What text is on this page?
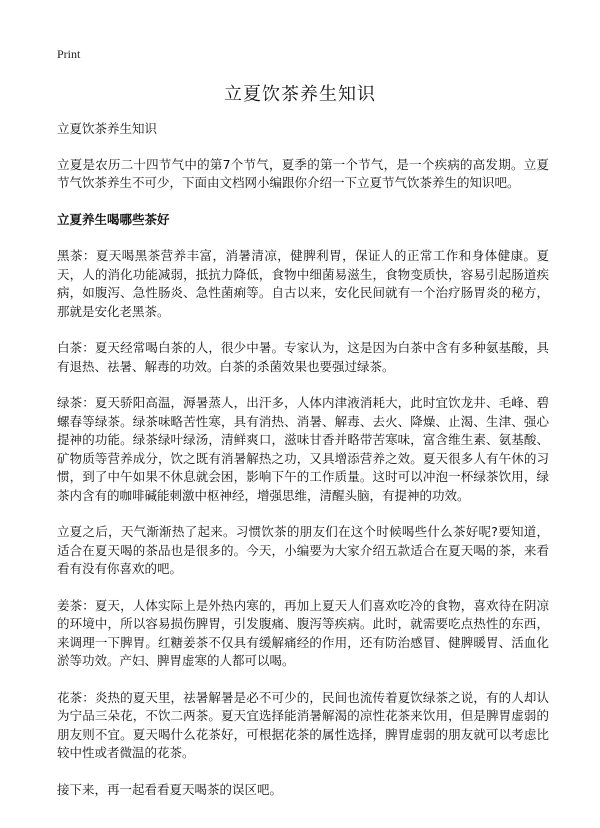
Print
立夏饮茶养生知识

立夏饮茶养生知识

立夏是农历二十四节气中的第7个节气，夏季的第一个节气，是一个疾病的高发期。立夏节气饮茶养生不可少，下面由文档网小编跟你介绍一下立夏节气饮茶养生的知识吧。

立夏养生喝哪些茶好

黑茶：夏天喝黑茶营养丰富，消暑清凉，健脾利胃，保证人的正常工作和身体健康。夏天，人的消化功能减弱，抵抗力降低，食物中细菌易滋生，食物变质快，容易引起肠道疾病，如腹泻、急性肠炎、急性菌痢等。自古以来，安化民间就有一个治疗肠胃炎的秘方，那就是安化老黑茶。

白茶：夏天经常喝白茶的人，很少中暑。专家认为，这是因为白茶中含有多种氨基酸，具有退热、祛暑、解毒的功效。白茶的杀菌效果也要强过绿茶。

绿茶：夏天骄阳高温，溽暑蒸人，出汗多，人体内津液消耗大，此时宜饮龙井、毛峰、碧螺春等绿茶。绿茶味略苦性寒，具有消热、消暑、解毒、去火、降燥、止渴、生津、强心提神的功能。绿茶绿叶绿汤，清鲜爽口，滋味甘香并略带苦寒味，富含维生素、氨基酸、矿物质等营养成分，饮之既有消暑解热之功，又具增添营养之效。夏天很多人有午休的习惯，到了中午如果不休息就会困，影响下午的工作质量。这时可以冲泡一杯绿茶饮用，绿茶内含有的咖啡碱能刺激中枢神经，增强思维，清醒头脑，有提神的功效。

立夏之后，天气渐渐热了起来。习惯饮茶的朋友们在这个时候喝些什么茶好呢?要知道，适合在夏天喝的茶品也是很多的。今天，小编要为大家介绍五款适合在夏天喝的茶，来看看有没有你喜欢的吧。

姜茶：夏天，人体实际上是外热内寒的，再加上夏天人们喜欢吃冷的食物，喜欢待在阴凉的环境中，所以容易损伤脾胃，引发腹痛、腹泻等疾病。此时，就需要吃点热性的东西，来调理一下脾胃。红糖姜茶不仅具有缓解痛经的作用，还有防治感冒、健脾暖胃、活血化淤等功效。产妇、脾胃虚寒的人都可以喝。

花茶：炎热的夏天里，祛暑解暑是必不可少的，民间也流传着夏饮绿茶之说，有的人却认为宁品三朵花，不饮二两茶。夏天宜选择能消暑解渴的凉性花茶来饮用，但是脾胃虚弱的朋友则不宜。夏天喝什么花茶好，可根据花茶的属性选择，脾胃虚弱的朋友就可以考虑比较中性或者微温的花茶。

接下来，再一起看看夏天喝茶的误区吧。
